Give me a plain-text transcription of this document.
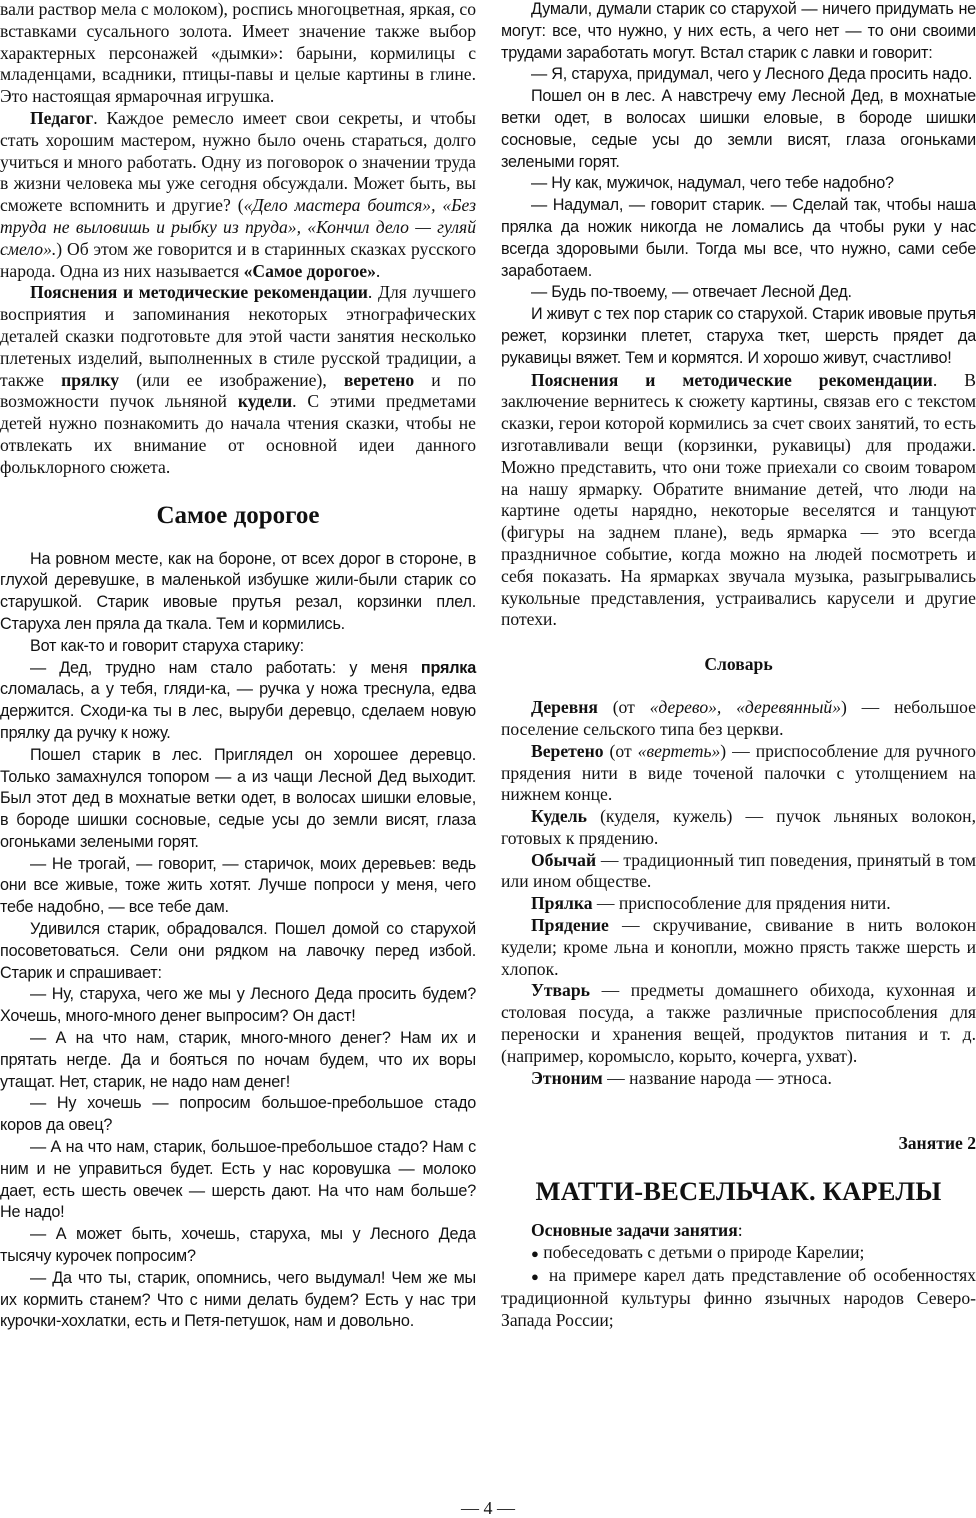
вали раствор мела с молоком), роспись многоцветная, яркая, со вставками сусального золота. Имеет значение также выбор характерных персонажей «дымки»: барыни, кормилицы с младенцами, всадники, птицы-павы и целые картины в глине. Это настоящая ярмарочная игрушка.

Педагог. Каждое ремесло имеет свои секреты, и чтобы стать хорошим мастером, нужно было очень стараться, долго учиться и много работать. Одну из поговорок о значении труда в жизни человека мы уже сегодня обсуждали. Может быть, вы сможете вспомнить и другие? («Дело мастера боится», «Без труда не выловишь и рыбку из пруда», «Кончил дело — гуляй смело».) Об этом же говорится и в старинных сказках русского народа. Одна из них называется «Самое дорогое».

Пояснения и методические рекомендации. Для лучшего восприятия и запоминания некоторых этнографических деталей сказки подготовьте для этой части занятия несколько плетеных изделий, выполненных в стиле русской традиции, а также прялку (или ее изображение), веретено и по возможности пучок льняной кудели. С этими предметами детей нужно познакомить до начала чтения сказки, чтобы не отвлекать их внимание от основной идеи данного фольклорного сюжета.

Самое дорогое

На ровном месте, как на бороне, от всех дорог в стороне, в глухой деревушке, в маленькой избушке жили-были старик со старушкой. Старик ивовые прутья резал, корзинки плел. Старуха лен пряла да ткала. Тем и кормились.

Вот как-то и говорит старуха старику:

— Дед, трудно нам стало работать: у меня прялка сломалась, а у тебя, гляди-ка, — ручка у ножа треснула, едва держится. Сходи-ка ты в лес, выруби деревцо, сделаем новую прялку да ручку к ножу.

Пошел старик в лес. Приглядел он хорошее деревцо. Только замахнулся топором — а из чащи Лесной Дед выходит. Был этот дед в мохнатые ветки одет, в волосах шишки еловые, в бороде шишки сосновые, седые усы до земли висят, глаза огоньками зелеными горят.

— Не трогай, — говорит, — старичок, моих деревьев: ведь они все живые, тоже жить хотят. Лучше попроси у меня, чего тебе надобно, — все тебе дам.

Удивился старик, обрадовался. Пошел домой со старухой посоветоваться. Сели они рядком на лавочку перед избой. Старик и спрашивает:

— Ну, старуха, чего же мы у Лесного Деда просить будем? Хочешь, много-много денег выпросим? Он даст!

— А на что нам, старик, много-много денег? Нам их и прятать негде. Да и бояться по ночам будем, что их воры утащат. Нет, старик, не надо нам денег!

— Ну хочешь — попросим большое-пребольшое стадо коров да овец?

— А на что нам, старик, большое-пребольшое стадо? Нам с ним и не управиться будет. Есть у нас коровушка — молоко дает, есть шесть овечек — шерсть дают. На что нам больше? Не надо!

— А может быть, хочешь, старуха, мы у Лесного Деда тысячу курочек попросим?

— Да что ты, старик, опомнись, чего выдумал! Чем же мы их кормить станем? Что с ними делать будем? Есть у нас три курочки-хохлатки, есть и Петя-петушок, нам и довольно.

Думали, думали старик со старухой — ничего придумать не могут: все, что нужно, у них есть, а чего нет — то они своими трудами заработать могут. Встал старик с лавки и говорит:

— Я, старуха, придумал, чего у Лесного Деда просить надо.

Пошел он в лес. А навстречу ему Лесной Дед, в мохнатые ветки одет, в волосах шишки еловые, в бороде шишки сосновые, седые усы до земли висят, глаза огоньками зелеными горят.

— Ну как, мужичок, надумал, чего тебе надобно?

— Надумал, — говорит старик. — Сделай так, чтобы наша прялка да ножик никогда не ломались да чтобы руки у нас всегда здоровыми были. Тогда мы все, что нужно, сами себе заработаем.

— Будь по-твоему, — отвечает Лесной Дед.

И живут с тех пор старик со старухой. Старик ивовые прутья режет, корзинки плетет, старуха ткет, шерсть прядет да рукавицы вяжет. Тем и кормятся. И хорошо живут, счастливо!

Пояснения и методические рекомендации. В заключение вернитесь к сюжету картины, связав его с текстом сказки, герои которой кормились за счет своих занятий, то есть изготавливали вещи (корзинки, рукавицы) для продажи. Можно представить, что они тоже приехали со своим товаром на нашу ярмарку. Обратите внимание детей, что люди на картине одеты нарядно, некоторые веселятся и танцуют (фигуры на заднем плане), ведь ярмарка — это всегда праздничное событие, когда можно на людей посмотреть и себя показать. На ярмарках звучала музыка, разыгрывались кукольные представления, устраивались карусели и другие потехи.

Словарь

Деревня (от «дерево», «деревянный») — небольшое поселение сельского типа без церкви.

Веретено (от «вертеть») — приспособление для ручного прядения нити в виде точеной палочки с утолщением на нижнем конце.

Кудель (куделя, кужель) — пучок льняных волокон, готовых к прядению.

Обычай — традиционный тип поведения, принятый в том или ином обществе.

Прялка — приспособление для прядения нити.

Прядение — скручивание, свивание в нить волокон кудели; кроме льна и конопли, можно прясть также шерсть и хлопок.

Утварь — предметы домашнего обихода, кухонная и столовая посуда, а также различные приспособления для переноски и хранения вещей, продуктов питания и т. д. (например, коромысло, корыто, кочерга, ухват).

Этноним — название народа — этноса.

Занятие 2

МАТТИ-ВЕСЕЛЬЧАК. КАРЕЛЫ

Основные задачи занятия:

● побеседовать с детьми о природе Карелии;

● на примере карел дать представление об особенностях традиционной культуры финно язычных народов Северо-Запада России;

— 4 —
